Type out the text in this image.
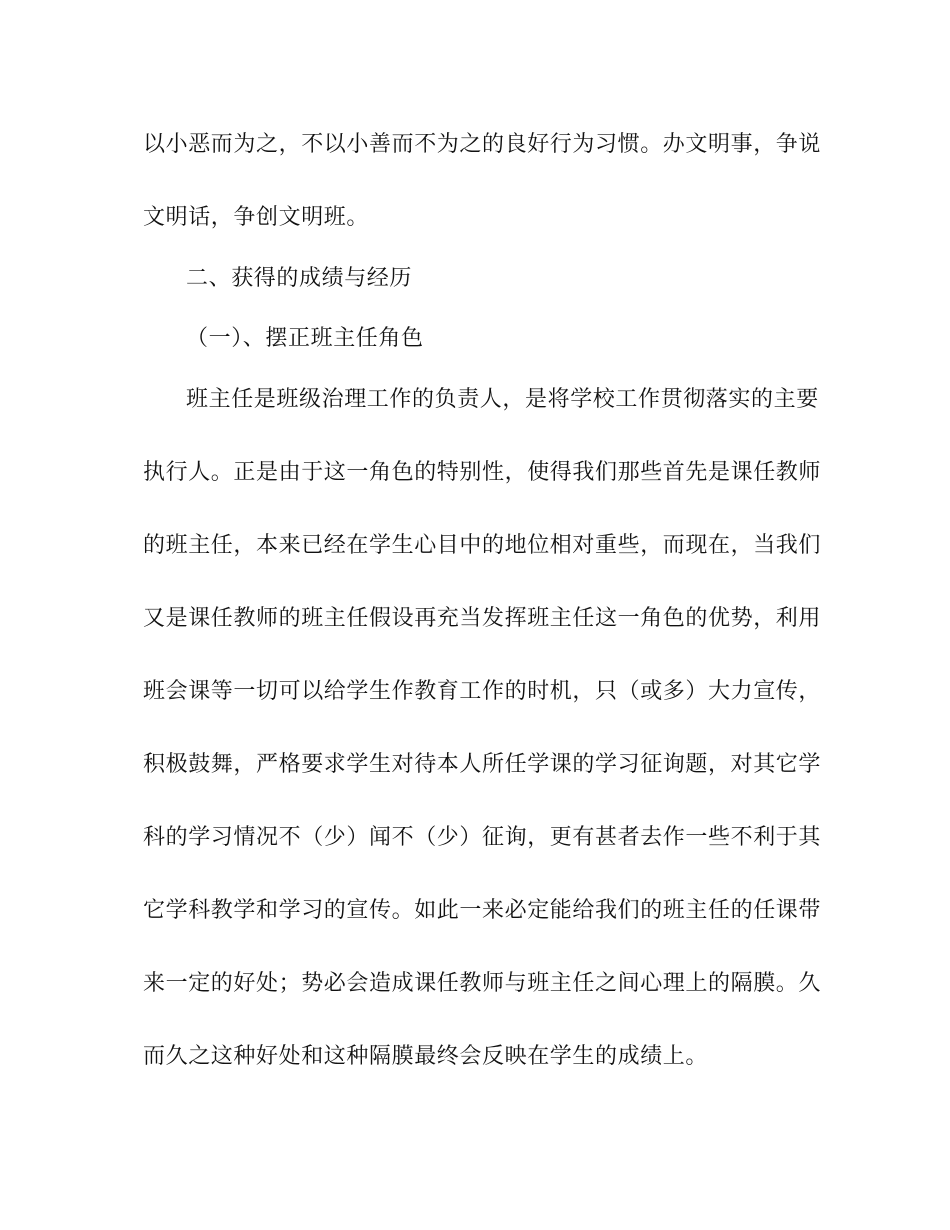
以小恶而为之，不以小善而不为之的良好行为习惯。办文明事，争说
文明话，争创文明班。
二、获得的成绩与经历
（一）、摆正班主任角色
班主任是班级治理工作的负责人，是将学校工作贯彻落实的主要
执行人。正是由于这一角色的特别性，使得我们那些首先是课任教师
的班主任，本来已经在学生心目中的地位相对重些，而现在，当我们
又是课任教师的班主任假设再充当发挥班主任这一角色的优势，利用
班会课等一切可以给学生作教育工作的时机，只（或多）大力宣传，
积极鼓舞，严格要求学生对待本人所任学课的学习征询题，对其它学
科的学习情况不（少）闻不（少）征询，更有甚者去作一些不利于其
它学科教学和学习的宣传。如此一来必定能给我们的班主任的任课带
来一定的好处；势必会造成课任教师与班主任之间心理上的隔膜。久
而久之这种好处和这种隔膜最终会反映在学生的成绩上。
